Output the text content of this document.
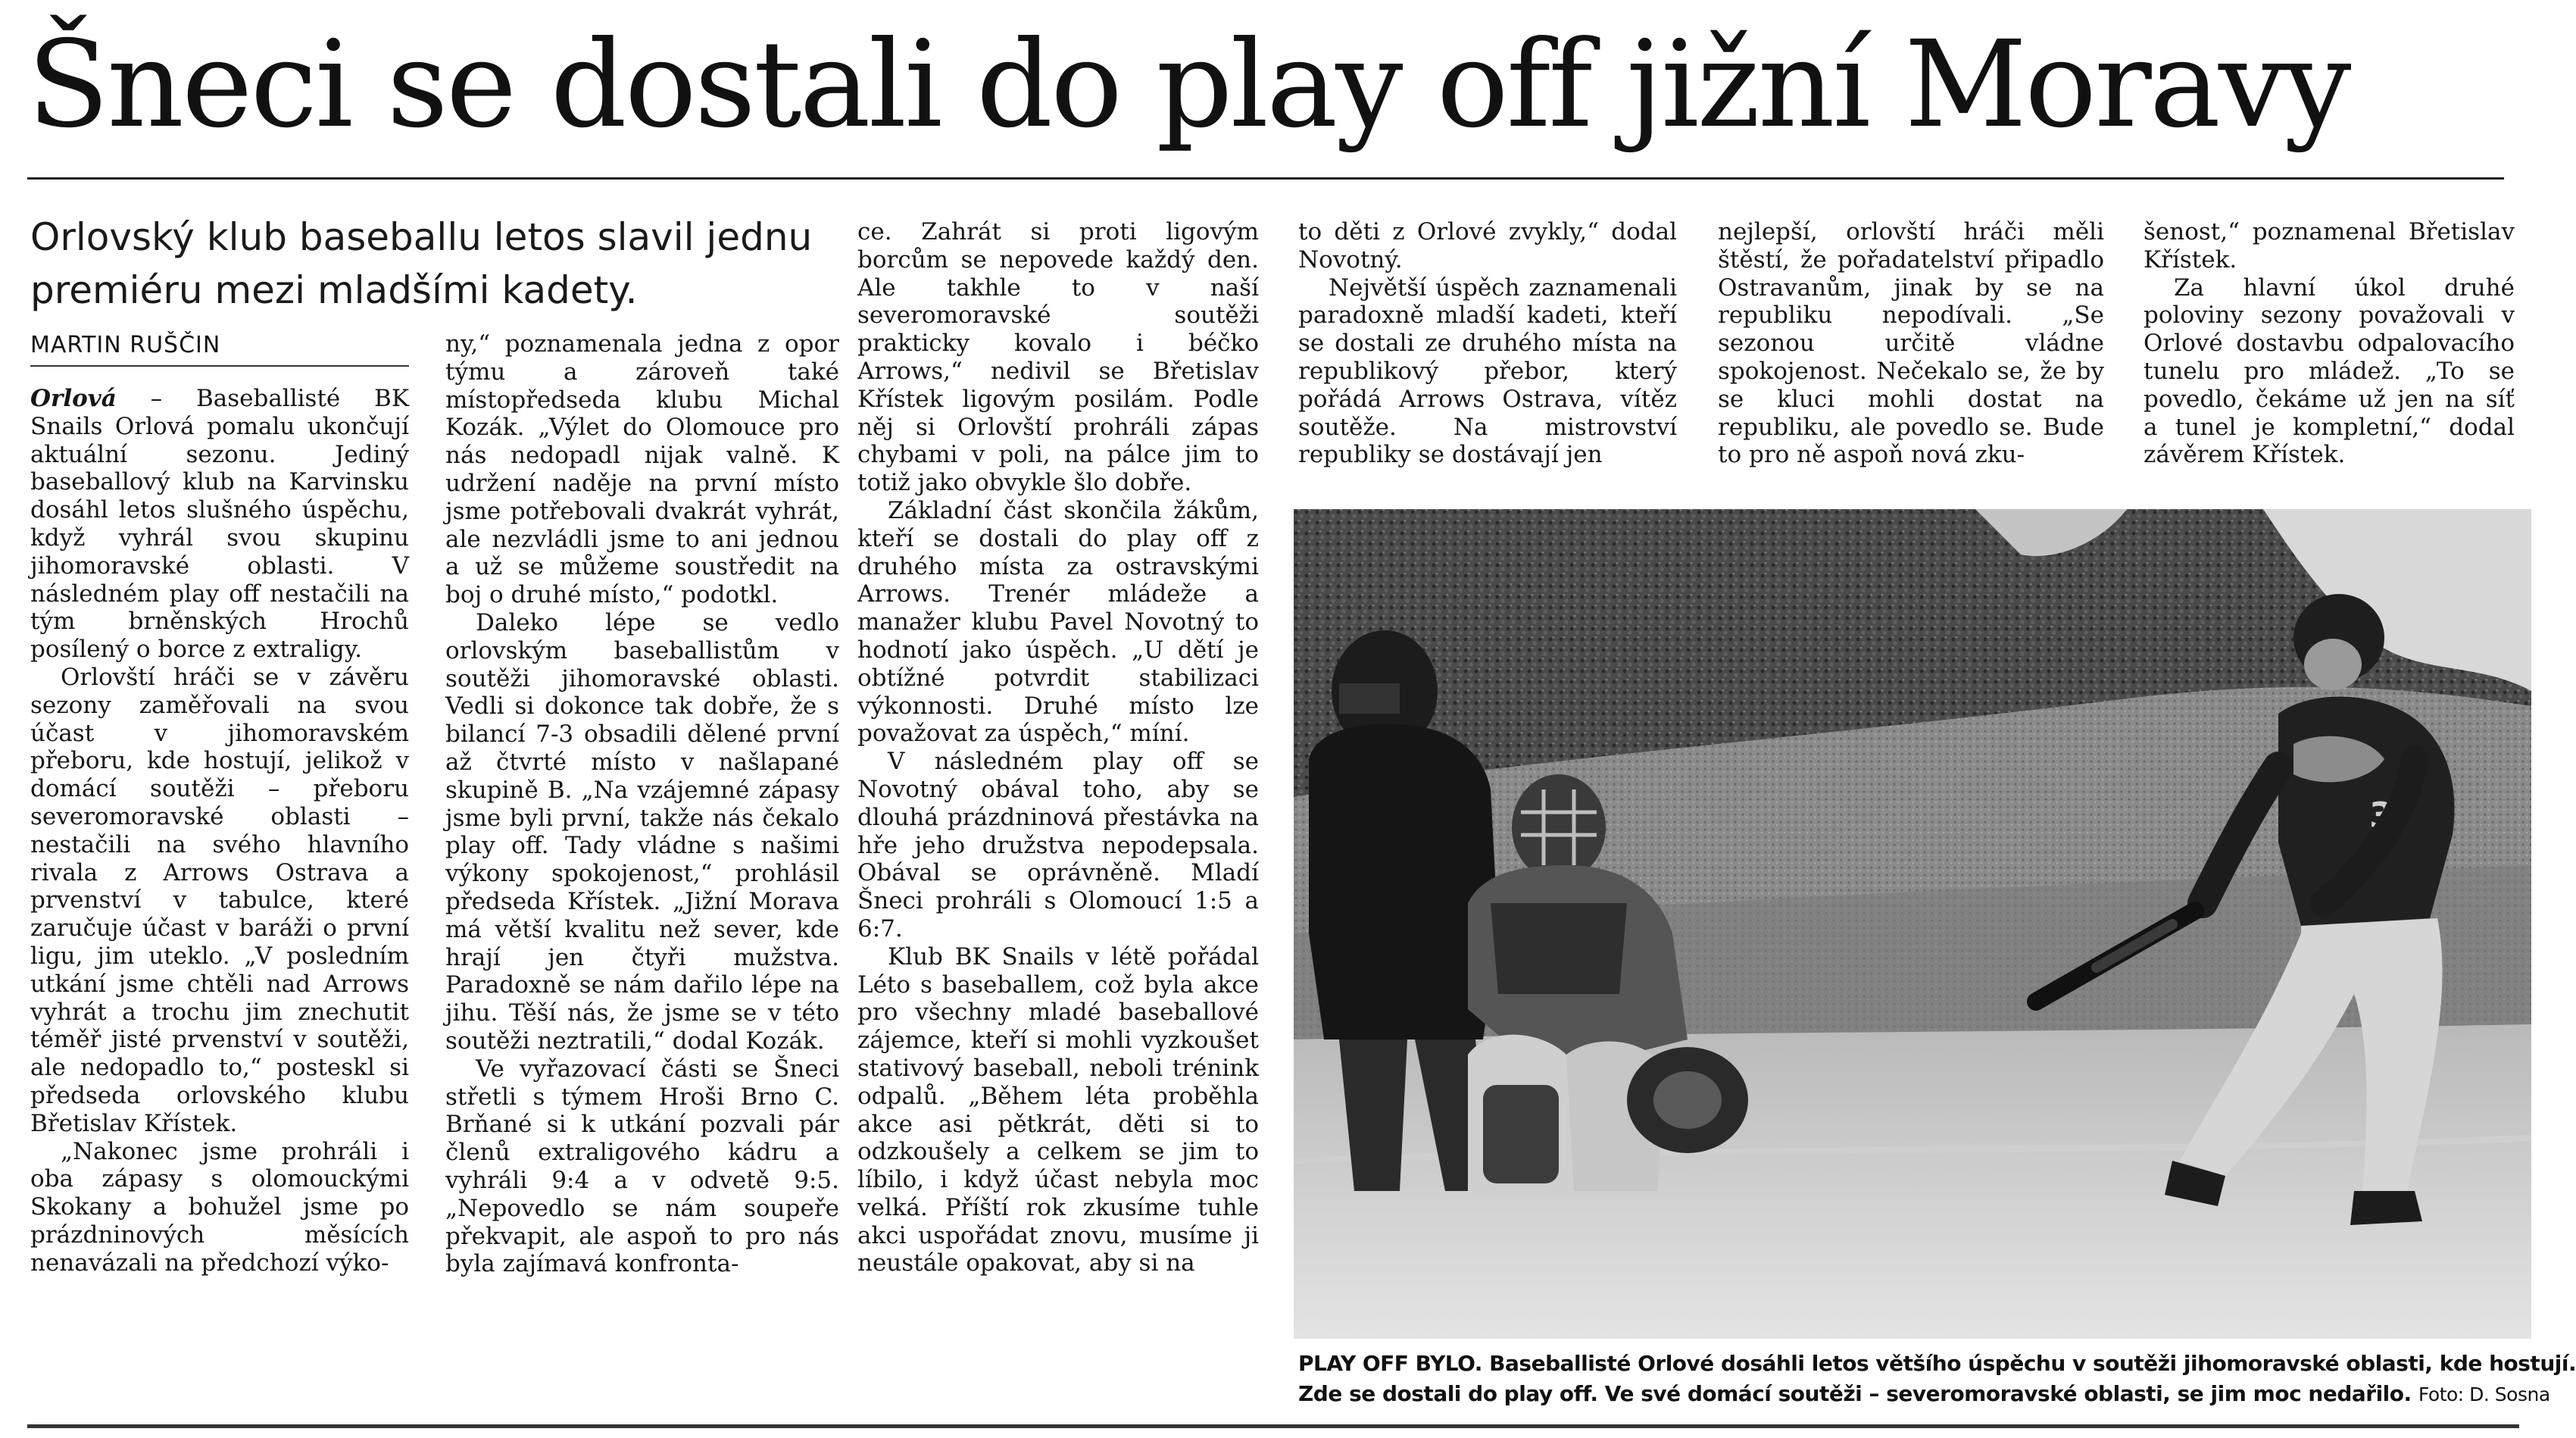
Šneci se dostali do play off jižní Moravy
Orlovský klub baseballu letos slavil jednu premiéru mezi mladšími kadety.
MARTIN RUŠČIN

Orlová – Baseballisté BK Snails Orlová pomalu ukončují aktuální sezonu. Jediný baseballový klub na Karvinsku dosáhl letos slušného úspěchu, když vyhrál svou skupinu jihomoravské oblasti. V následném play off nestačili na tým brněnských Hrochů posílený o borce z extraligy.

Orlovští hráči se v závěru sezony zaměřovali na svou účast v jihomoravském přeboru, kde hostují, jelikož v domácí soutěži – přeboru severomoravské oblasti – nestačili na svého hlavního rivala z Arrows Ostrava a prvenství v tabulce, které zaručuje účast v baráži o první ligu, jim uteklo. „V posledním utkání jsme chtěli nad Arrows vyhrát a trochu jim znechutit téměř jisté prvenství v soutěži, ale nedopadlo to,“ posteskl si předseda orlovského klubu Břetislav Křístek.

„Nakonec jsme prohráli i oba zápasy s olomouckými Skokany a bohužel jsme po prázdninových měsících nenavázali na předchozí výko-

ny,“ poznamenala jedna z opor týmu a zároveň také místopředseda klubu Michal Kozák. „Výlet do Olomouce pro nás nedopadl nijak valně. K udržení naděje na první místo jsme potřebovali dvakrát vyhrát, ale nezvládli jsme to ani jednou a už se můžeme soustředit na boj o druhé místo,“ podotkl.

Daleko lépe se vedlo orlovským baseballistům v soutěži jihomoravské oblasti. Vedli si dokonce tak dobře, že s bilancí 7-3 obsadili dělené první až čtvrté místo v našlapané skupině B. „Na vzájemné zápasy jsme byli první, takže nás čekalo play off. Tady vládne s našimi výkony spokojenost,“ prohlásil předseda Křístek. „Jižní Morava má větší kvalitu než sever, kde hrají jen čtyři mužstva. Paradoxně se nám dařilo lépe na jihu. Těší nás, že jsme se v této soutěži neztratili,“ dodal Kozák.

Ve vyřazovací části se Šneci střetli s týmem Hroši Brno C. Brňané si k utkání pozvali pár členů extraligového kádru a vyhráli 9:4 a v odvetě 9:5. „Nepovedlo se nám soupeře překvapit, ale aspoň to pro nás byla zajímavá konfronta-

ce. Zahrát si proti ligovým borcům se nepovede každý den. Ale takhle to v naší severomoravské soutěži prakticky kovalo i béčko Arrows,“ nedivil se Břetislav Křístek ligovým posilám. Podle něj si Orlovští prohráli zápas chybami v poli, na pálce jim to totiž jako obvykle šlo dobře.

Základní část skončila žákům, kteří se dostali do play off z druhého místa za ostravskými Arrows. Trenér mládeže a manažer klubu Pavel Novotný to hodnotí jako úspěch. „U dětí je obtížné potvrdit stabilizaci výkonnosti. Druhé místo lze považovat za úspěch,“ míní.

V následném play off se Novotný obával toho, aby se dlouhá prázdninová přestávka na hře jeho družstva nepodepsala. Obával se oprávněně. Mladí Šneci prohráli s Olomoucí 1:5 a 6:7.

Klub BK Snails v létě pořádal Léto s baseballem, což byla akce pro všechny mladé baseballové zájemce, kteří si mohli vyzkoušet stativový baseball, neboli trénink odpalů. „Během léta proběhla akce asi pětkrát, děti si to odzkoušely a celkem se jim to líbilo, i když účast nebyla moc velká. Příští rok zkusíme tuhle akci uspořádat znovu, musíme ji neustále opakovat, aby si na

to děti z Orlové zvykly,“ dodal Novotný.

Největší úspěch zaznamenali paradoxně mladší kadeti, kteří se dostali ze druhého místa na republikový přebor, který pořádá Arrows Ostrava, vítěz soutěže. Na mistrovství republiky se dostávají jen

nejlepší, orlovští hráči měli štěstí, že pořadatelství připadlo Ostravanům, jinak by se na republiku nepodívali. „Se sezonou určitě vládne spokojenost. Nečekalo se, že by se kluci mohli dostat na republiku, ale povedlo se. Bude to pro ně aspoň nová zku-

šenost,“ poznamenal Břetislav Křístek.

Za hlavní úkol druhé poloviny sezony považovali v Orlové dostavbu odpalovacího tunelu pro mládež. „To se povedlo, čekáme už jen na síť a tunel je kompletní,“ dodal závěrem Křístek.

3
PLAY OFF BYLO. Baseballisté Orlové dosáhli letos většího úspěchu v soutěži jihomoravské oblasti, kde hostují.
Zde se dostali do play off. Ve své domácí soutěži – severomoravské oblasti, se jim moc nedařilo. Foto: D. Sosna
